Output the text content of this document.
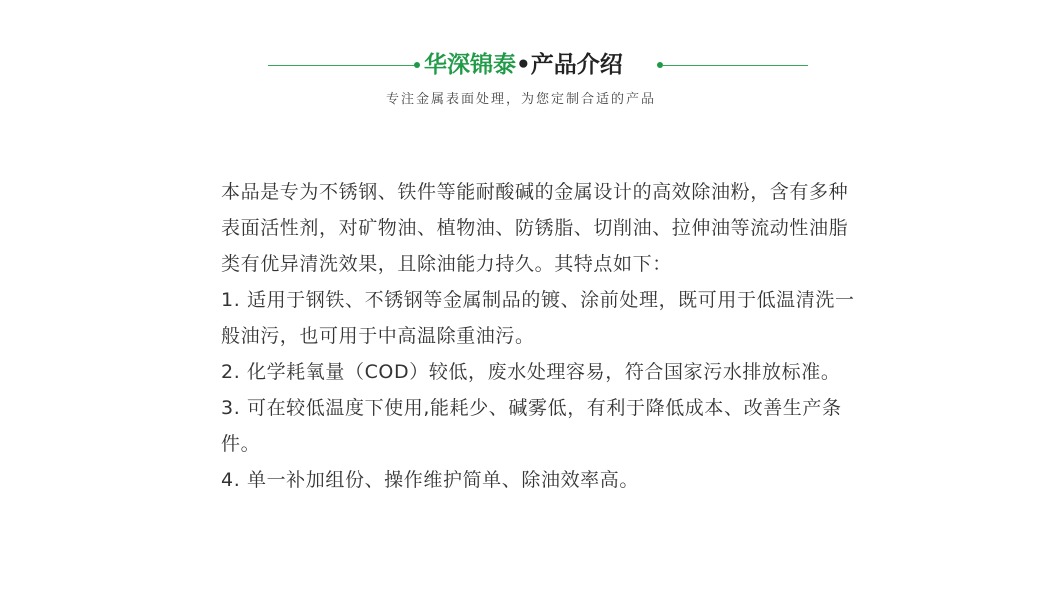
华深锦泰•产品介绍
专注金属表面处理，为您定制合适的产品

本品是专为不锈钢、铁件等能耐酸碱的金属设计的高效除油粉，含有多种表面活性剂，对矿物油、植物油、防锈脂、切削油、拉伸油等流动性油脂类有优异清洗效果，且除油能力持久。其特点如下：

1. 适用于钢铁、不锈钢等金属制品的镀、涂前处理，既可用于低温清洗一般油污，也可用于中高温除重油污。

2. 化学耗氧量（COD）较低，废水处理容易，符合国家污水排放标准。

3. 可在较低温度下使用,能耗少、碱雾低，有利于降低成本、改善生产条件。

4. 单一补加组份、操作维护简单、除油效率高。
